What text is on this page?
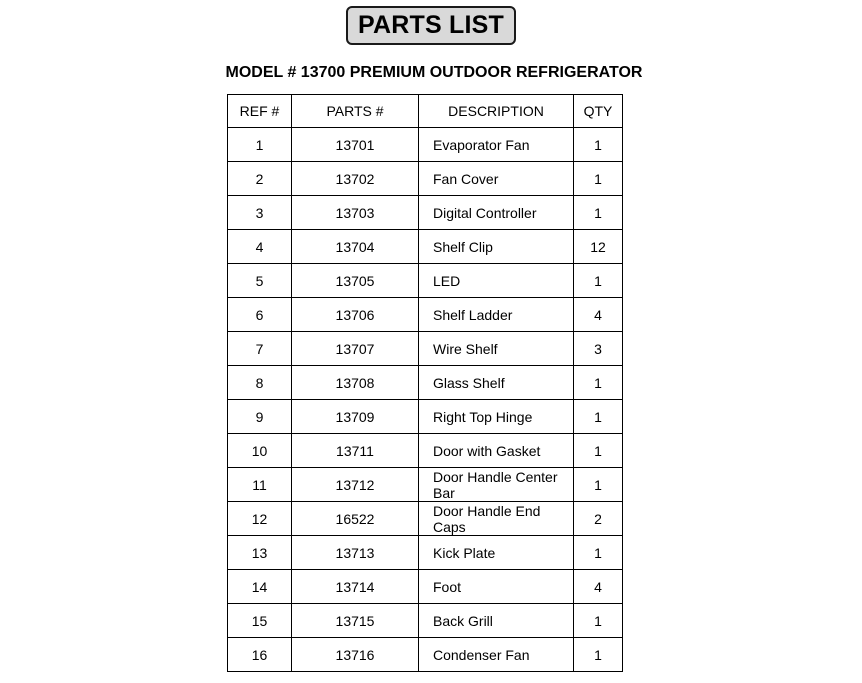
PARTS LIST
MODEL # 13700 PREMIUM OUTDOOR REFRIGERATOR
REF #	PARTS #	DESCRIPTION	QTY
1	13701	Evaporator Fan	1
2	13702	Fan Cover	1
3	13703	Digital Controller	1
4	13704	Shelf Clip	12
5	13705	LED	1
6	13706	Shelf Ladder	4
7	13707	Wire Shelf	3
8	13708	Glass Shelf	1
9	13709	Right Top Hinge	1
10	13711	Door with Gasket	1
11	13712	Door Handle Center Bar	1
12	16522	Door Handle End Caps	2
13	13713	Kick Plate	1
14	13714	Foot	4
15	13715	Back Grill	1
16	13716	Condenser Fan	1
